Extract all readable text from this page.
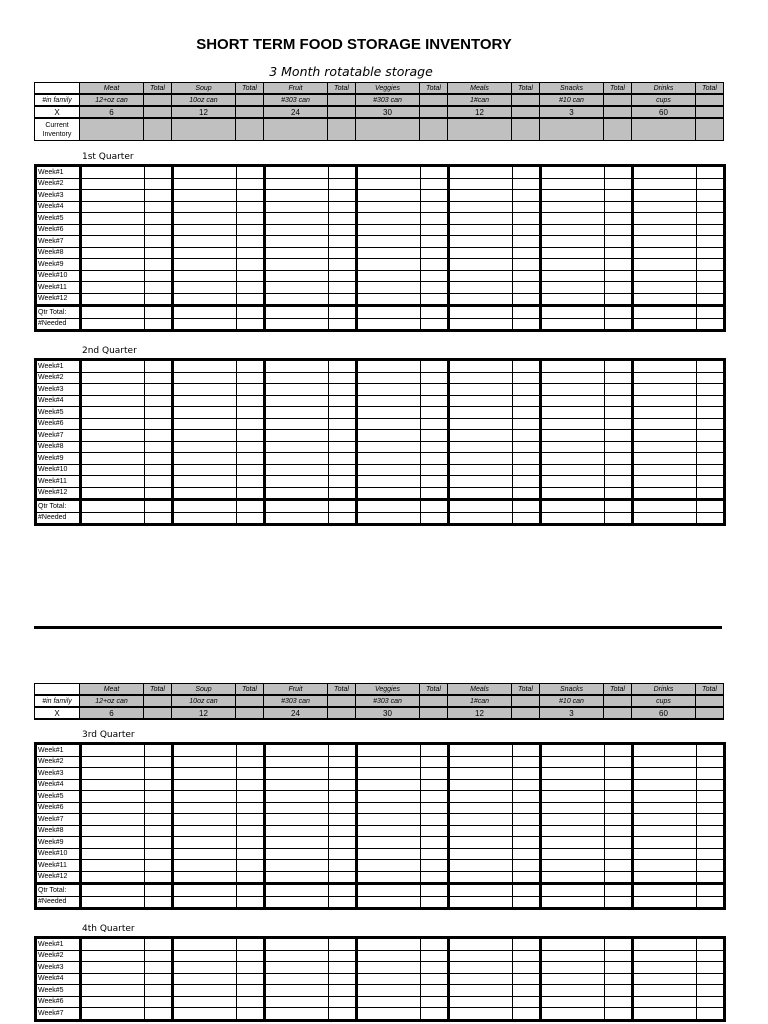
SHORT TERM FOOD STORAGE INVENTORY
3 Month rotatable storage
	Meat	Total	Soup	Total	Fruit	Total	Veggies	Total	Meals	Total	Snacks	Total	Drinks	Total
#in family	12+oz can		10oz can		#303 can		#303 can		1#can		#10 can		cups	
X	6		12		24		30		12		3		60	
Current Inventory														
1st Quarter
Week#1														
Week#2														
Week#3														
Week#4														
Week#5														
Week#6														
Week#7														
Week#8														
Week#9														
Week#10														
Week#11														
Week#12														
Qtr Total:														
#Needed														
2nd Quarter
Week#1														
Week#2														
Week#3														
Week#4														
Week#5														
Week#6														
Week#7														
Week#8														
Week#9														
Week#10														
Week#11														
Week#12														
Qtr Total:														
#Needed														
	Meat	Total	Soup	Total	Fruit	Total	Veggies	Total	Meals	Total	Snacks	Total	Drinks	Total
#in family	12+oz can		10oz can		#303 can		#303 can		1#can		#10 can		cups	
X	6		12		24		30		12		3		60	
3rd Quarter
Week#1														
Week#2														
Week#3														
Week#4														
Week#5														
Week#6														
Week#7														
Week#8														
Week#9														
Week#10														
Week#11														
Week#12														
Qtr Total:														
#Needed														
4th Quarter
Week#1														
Week#2														
Week#3														
Week#4														
Week#5														
Week#6														
Week#7														
